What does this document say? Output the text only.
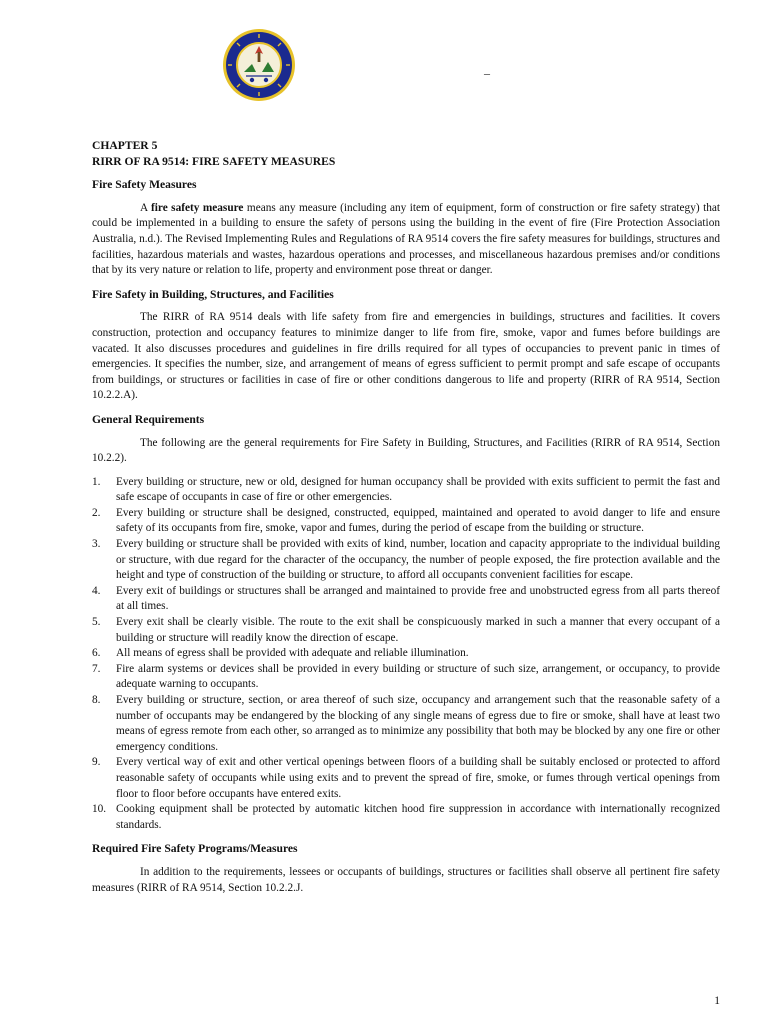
–
CHAPTER 5
RIRR OF RA 9514: FIRE SAFETY MEASURES
Fire Safety Measures

A fire safety measure means any measure (including any item of equipment, form of construction or fire safety strategy) that could be implemented in a building to ensure the safety of persons using the building in the event of fire (Fire Protection Association Australia, n.d.). The Revised Implementing Rules and Regulations of RA 9514 covers the fire safety measures for buildings, structures and facilities, hazardous materials and wastes, hazardous operations and processes, and miscellaneous hazardous premises and/or conditions that by its very nature or relation to life, property and environment pose threat or danger.

Fire Safety in Building, Structures, and Facilities

The RIRR of RA 9514 deals with life safety from fire and emergencies in buildings, structures and facilities. It covers construction, protection and occupancy features to minimize danger to life from fire, smoke, vapor and fumes before buildings are vacated. It also discusses procedures and guidelines in fire drills required for all types of occupancies to prevent panic in times of emergencies. It specifies the number, size, and arrangement of means of egress sufficient to permit prompt and safe escape of occupants from buildings, or structures or facilities in case of fire or other conditions dangerous to life and property (RIRR of RA 9514, Section 10.2.2.A).

General Requirements

The following are the general requirements for Fire Safety in Building, Structures, and Facilities (RIRR of RA 9514, Section 10.2.2).

1.	Every building or structure, new or old, designed for human occupancy shall be provided with exits sufficient to permit the fast and safe escape of occupants in case of fire or other emergencies.
2.	Every building or structure shall be designed, constructed, equipped, maintained and operated to avoid danger to life and ensure safety of its occupants from fire, smoke, vapor and fumes, during the period of escape from the building or structure.
3.	Every building or structure shall be provided with exits of kind, number, location and capacity appropriate to the individual building or structure, with due regard for the character of the occupancy, the number of people exposed, the fire protection available and the height and type of construction of the building or structure, to afford all occupants convenient facilities for escape.
4.	Every exit of buildings or structures shall be arranged and maintained to provide free and unobstructed egress from all parts thereof at all times.
5.	Every exit shall be clearly visible. The route to the exit shall be conspicuously marked in such a manner that every occupant of a building or structure will readily know the direction of escape.
6.	All means of egress shall be provided with adequate and reliable illumination.
7.	Fire alarm systems or devices shall be provided in every building or structure of such size, arrangement, or occupancy, to provide adequate warning to occupants.
8.	Every building or structure, section, or area thereof of such size, occupancy and arrangement such that the reasonable safety of a number of occupants may be endangered by the blocking of any single means of egress due to fire or smoke, shall have at least two means of egress remote from each other, so arranged as to minimize any possibility that both may be blocked by any one fire or other emergency conditions.
9.	Every vertical way of exit and other vertical openings between floors of a building shall be suitably enclosed or protected to afford reasonable safety of occupants while using exits and to prevent the spread of fire, smoke, or fumes through vertical openings from floor to floor before occupants have entered exits.
10. Cooking equipment shall be protected by automatic kitchen hood fire suppression in accordance with internationally recognized standards.
Required Fire Safety Programs/Measures

In addition to the requirements, lessees or occupants of buildings, structures or facilities shall observe all pertinent fire safety measures (RIRR of RA 9514, Section 10.2.2.J.

1
